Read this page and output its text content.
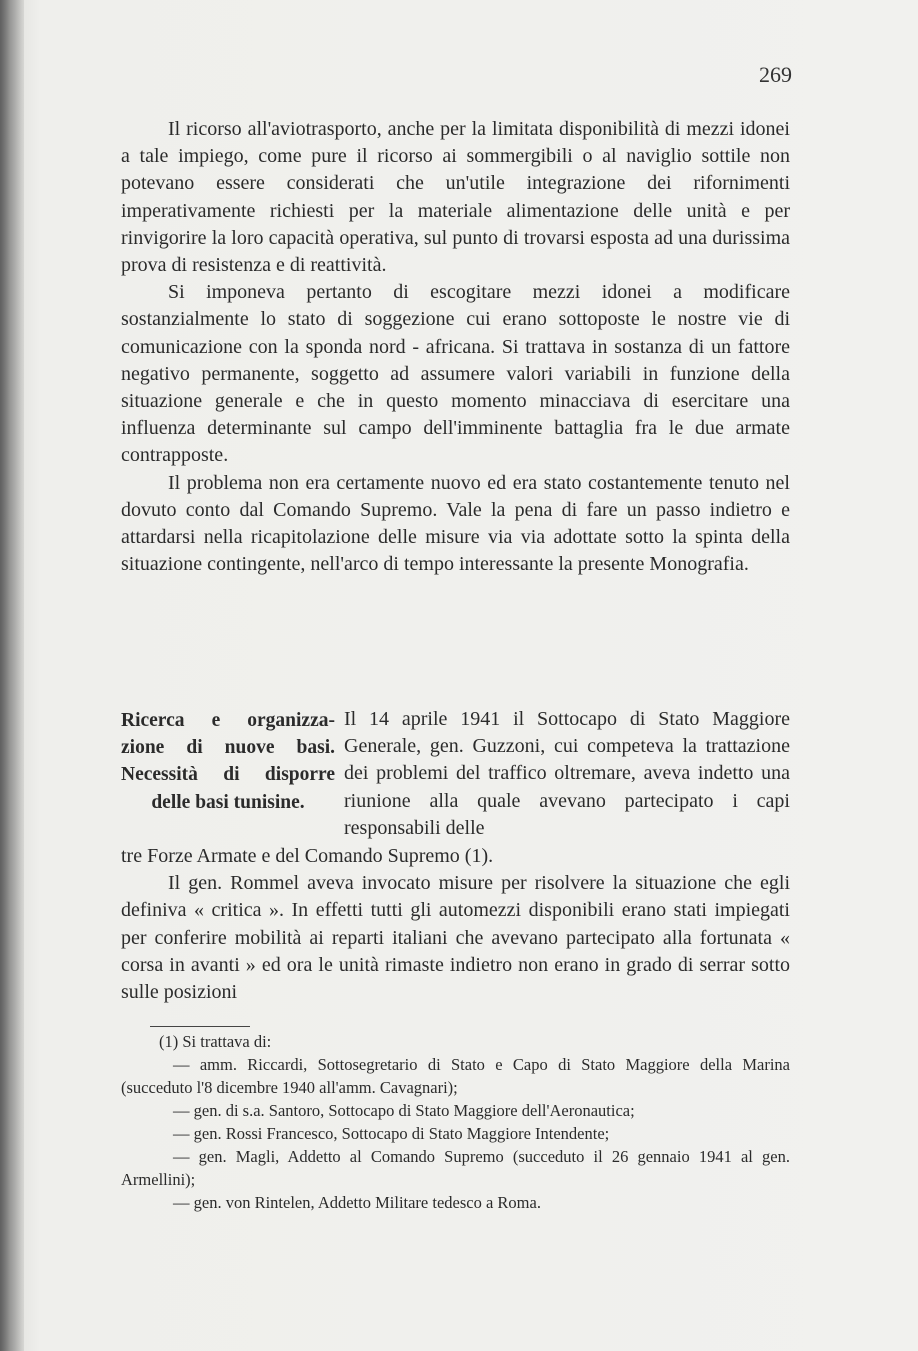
269

Il ricorso all'aviotrasporto, anche per la limitata disponibilità di mezzi idonei a tale impiego, come pure il ricorso ai sommergibili o al naviglio sottile non potevano essere considerati che un'utile integrazione dei rifornimenti imperativamente richiesti per la materiale alimentazione delle unità e per rinvigorire la loro capacità operativa, sul punto di trovarsi esposta ad una durissima prova di resistenza e di reattività.

Si imponeva pertanto di escogitare mezzi idonei a modificare sostanzialmente lo stato di soggezione cui erano sottoposte le nostre vie di comunicazione con la sponda nord - africana. Si trattava in sostanza di un fattore negativo permanente, soggetto ad assumere valori variabili in funzione della situazione generale e che in questo momento minacciava di esercitare una influenza determinante sul campo dell'imminente battaglia fra le due armate contrapposte.

Il problema non era certamente nuovo ed era stato costantemente tenuto nel dovuto conto dal Comando Supremo. Vale la pena di fare un passo indietro e attardarsi nella ricapitolazione delle misure via via adottate sotto la spinta della situazione contingente, nell'arco di tempo interessante la presente Monografia.

Ricerca e organizza-
zione di nuove basi.
Necessità di disporre
delle basi tunisine.
Il 14 aprile 1941 il Sottocapo di Stato Maggiore Generale, gen. Guzzoni, cui competeva la trattazione dei problemi del traffico oltremare, aveva indetto una riunione alla quale avevano partecipato i capi responsabili delle

tre Forze Armate e del Comando Supremo (1).

Il gen. Rommel aveva invocato misure per risolvere la situazione che egli definiva « critica ». In effetti tutti gli automezzi disponibili erano stati impiegati per conferire mobilità ai reparti italiani che avevano partecipato alla fortunata « corsa in avanti » ed ora le unità rimaste indietro non erano in grado di serrar sotto sulle posizioni

(1) Si trattava di:
— amm. Riccardi, Sottosegretario di Stato e Capo di Stato Maggiore della Marina (succeduto l'8 dicembre 1940 all'amm. Cavagnari);
— gen. di s.a. Santoro, Sottocapo di Stato Maggiore dell'Aeronautica;
— gen. Rossi Francesco, Sottocapo di Stato Maggiore Intendente;
— gen. Magli, Addetto al Comando Supremo (succeduto il 26 gennaio 1941 al gen. Armellini);
— gen. von Rintelen, Addetto Militare tedesco a Roma.
